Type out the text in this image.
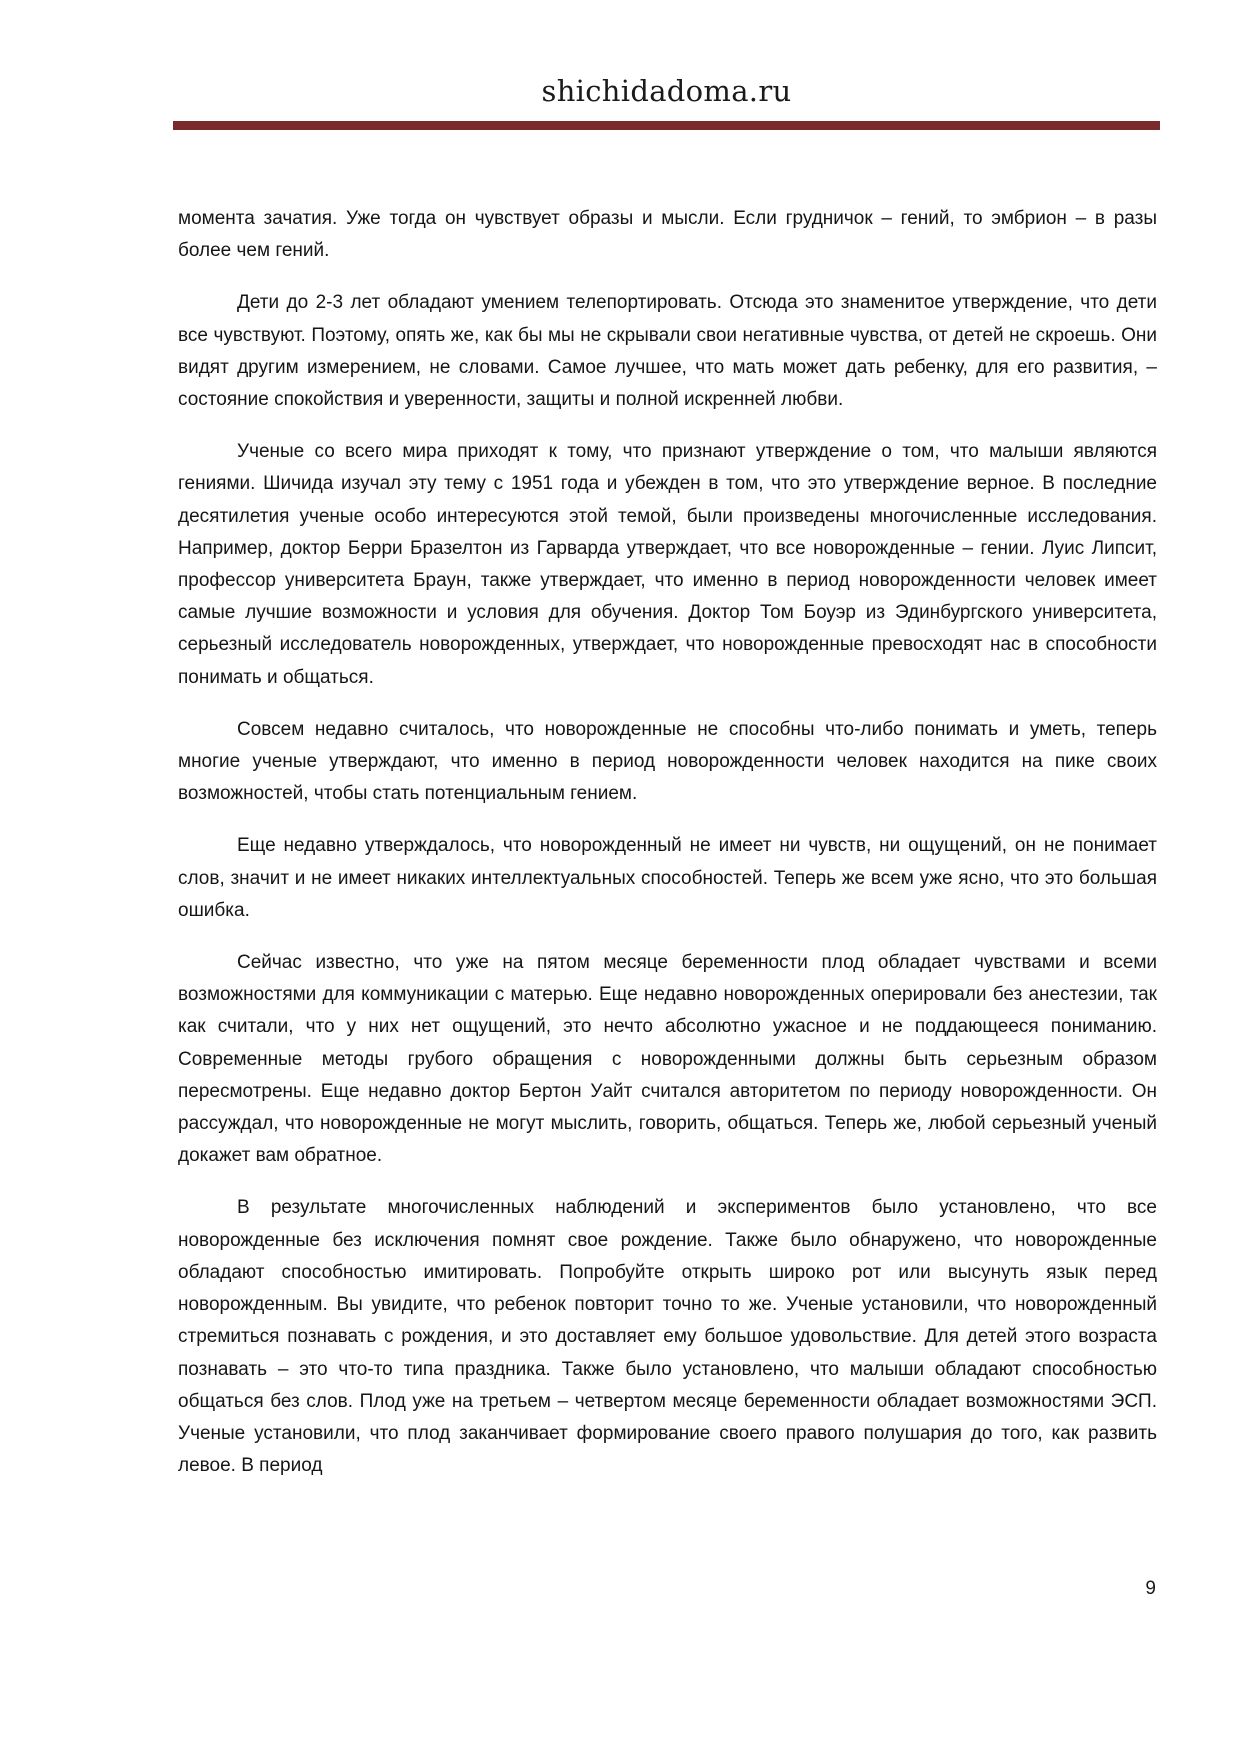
shichidadoma.ru

момента зачатия. Уже тогда он чувствует образы и мысли. Если грудничок – гений, то эмбрион – в разы более чем гений.

Дети до 2-3 лет обладают умением телепортировать. Отсюда это знаменитое утверждение, что дети все чувствуют. Поэтому, опять же, как бы мы не скрывали свои негативные чувства, от детей не скроешь. Они видят другим измерением, не словами. Самое лучшее, что мать может дать ребенку, для его развития, – состояние спокойствия и уверенности, защиты и полной искренней любви.

Ученые со всего мира приходят к тому, что признают утверждение о том, что малыши являются гениями. Шичида изучал эту тему с 1951 года и убежден в том, что это утверждение верное. В последние десятилетия ученые особо интересуются этой темой, были произведены многочисленные исследования. Например, доктор Берри Бразелтон из Гарварда утверждает, что все новорожденные – гении. Луис Липсит, профессор университета Браун, также утверждает, что именно в период новорожденности человек имеет самые лучшие возможности и условия для обучения. Доктор Том Боуэр из Эдинбургского университета, серьезный исследователь новорожденных, утверждает, что новорожденные превосходят нас в способности понимать и общаться.

Совсем недавно считалось, что новорожденные не способны что-либо понимать и уметь, теперь многие ученые утверждают, что именно в период новорожденности человек находится на пике своих возможностей, чтобы стать потенциальным гением.

Еще недавно утверждалось, что новорожденный не имеет ни чувств, ни ощущений, он не понимает слов, значит и не имеет никаких интеллектуальных способностей. Теперь же всем уже ясно, что это большая ошибка.

Сейчас известно, что уже на пятом месяце беременности плод обладает чувствами и всеми возможностями для коммуникации с матерью. Еще недавно новорожденных оперировали без анестезии, так как считали, что у них нет ощущений, это нечто абсолютно ужасное и не поддающееся пониманию. Современные методы грубого обращения с новорожденными должны быть серьезным образом пересмотрены. Еще недавно доктор Бертон Уайт считался авторитетом по периоду новорожденности. Он рассуждал, что новорожденные не могут мыслить, говорить, общаться. Теперь же, любой серьезный ученый докажет вам обратное.

В результате многочисленных наблюдений и экспериментов было установлено, что все новорожденные без исключения помнят свое рождение. Также было обнаружено, что новорожденные обладают способностью имитировать. Попробуйте открыть широко рот или высунуть язык перед новорожденным. Вы увидите, что ребенок повторит точно то же. Ученые установили, что новорожденный стремиться познавать с рождения, и это доставляет ему большое удовольствие. Для детей этого возраста познавать – это что-то типа праздника. Также было установлено, что малыши обладают способностью общаться без слов. Плод уже на третьем – четвертом месяце беременности обладает возможностями ЭСП. Ученые установили, что плод заканчивает формирование своего правого полушария до того, как развить левое. В период

9
